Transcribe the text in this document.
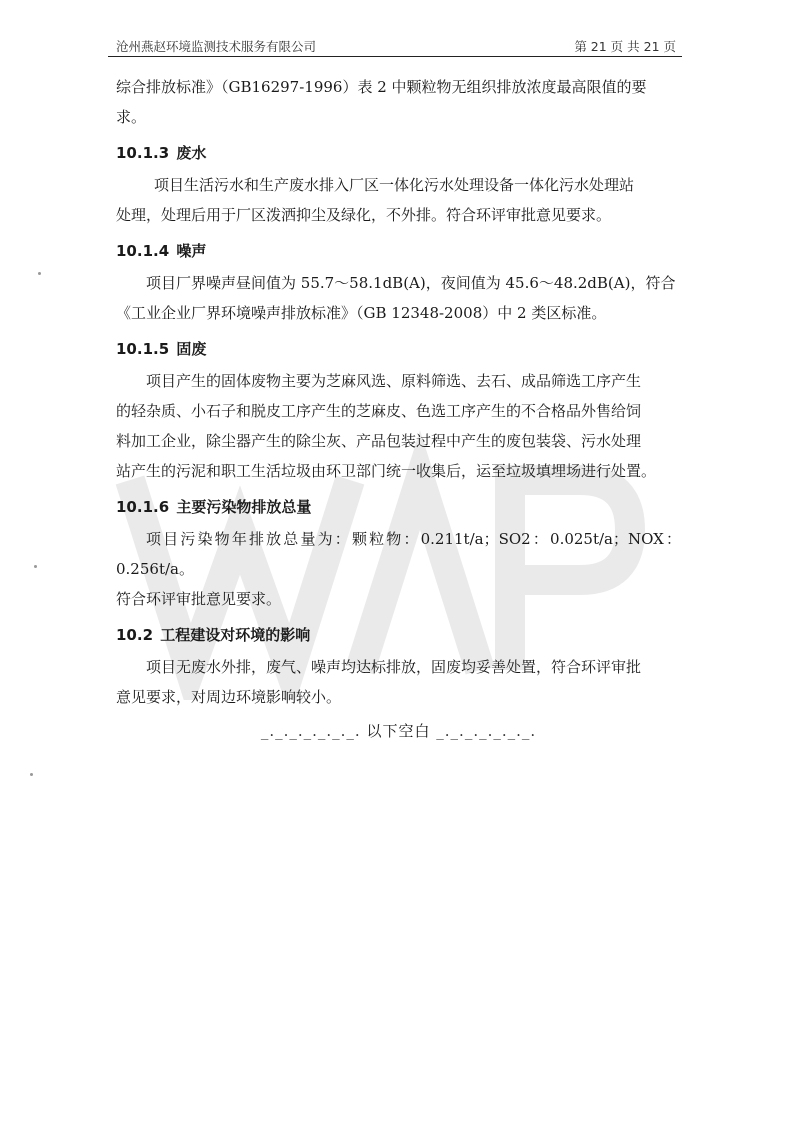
沧州燕赵环境监测技术服务有限公司	第 21 页 共 21 页

综合排放标准》（GB16297-1996）表 2 中颗粒物无组织排放浓度最高限值的要
求。

10.1.3 废水

项目生活污水和生产废水排入厂区一体化污水处理设备一体化污水处理站
处理，处理后用于厂区泼洒抑尘及绿化，不外排。符合环评审批意见要求。

10.1.4 噪声

项目厂界噪声昼间值为 55.7～58.1dB(A)，夜间值为 45.6～48.2dB(A)，符合
《工业企业厂界环境噪声排放标准》（GB 12348-2008）中 2 类区标准。

10.1.5 固废

项目产生的固体废物主要为芝麻风选、原料筛选、去石、成品筛选工序产生
的轻杂质、小石子和脱皮工序产生的芝麻皮、色选工序产生的不合格品外售给饲
料加工企业，除尘器产生的除尘灰、产品包装过程中产生的废包装袋、污水处理
站产生的污泥和职工生活垃圾由环卫部门统一收集后，运至垃圾填埋场进行处置。

10.1.6 主要污染物排放总量

项目污染物年排放总量为：颗粒物：0.211t/a；SO2：0.025t/a；NOX：0.256t/a。
符合环评审批意见要求。

10.2 工程建设对环境的影响

项目无废水外排，废气、噪声均达标排放，固废均妥善处置，符合环评审批
意见要求，对周边环境影响较小。

_._._._._._._. 以下空白 _._._._._._._.
